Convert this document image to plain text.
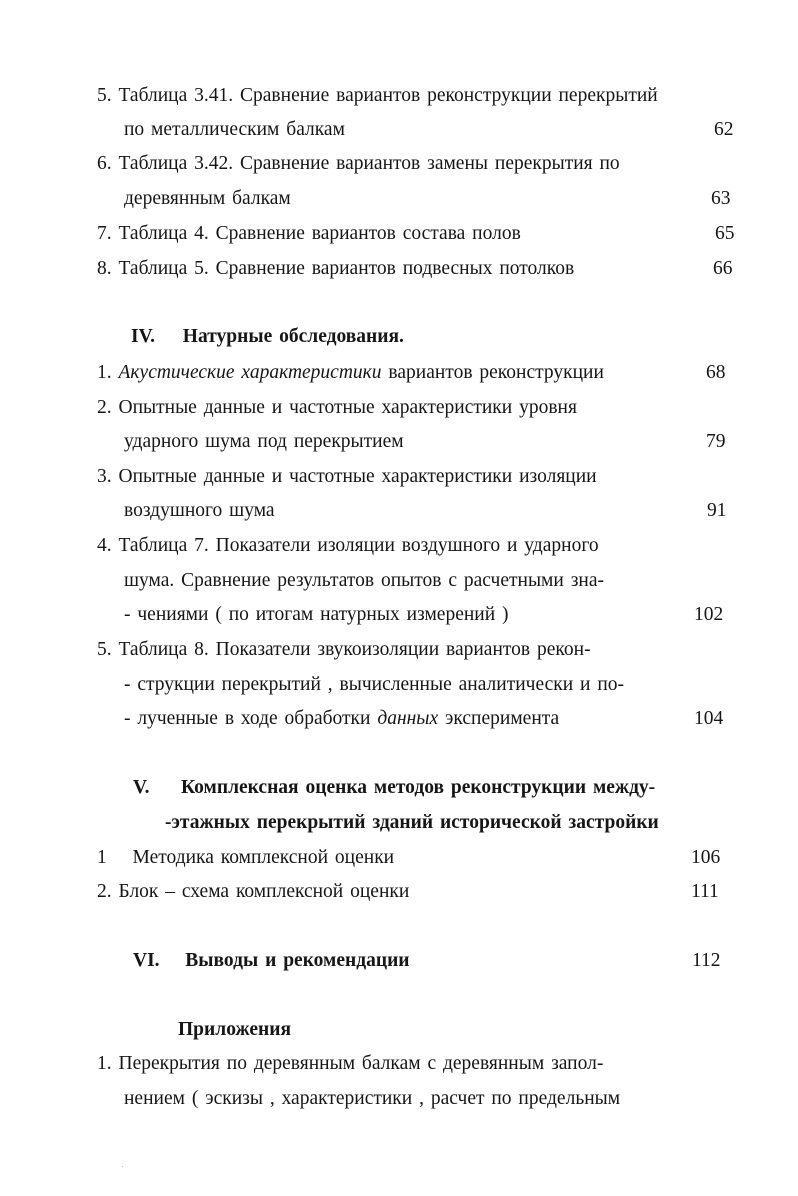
5. Таблица 3.41. Сравнение вариантов реконструкции перекрытий
по металлическим балкам	62
6. Таблица 3.42. Сравнение вариантов замены перекрытия по
деревянным балкам	63
7. Таблица 4. Сравнение вариантов состава полов	65
8. Таблица 5. Сравнение вариантов подвесных потолков	66
IV. Натурные обследования.
1. Акустические характеристики вариантов реконструкции	68
2. Опытные данные и частотные характеристики уровня
ударного шума под перекрытием	79
3. Опытные данные и частотные характеристики изоляции
воздушного шума	91
4. Таблица 7. Показатели изоляции воздушного и ударного
шума. Сравнение результатов опытов с расчетными зна-
- чениями ( по итогам натурных измерений )	102
5. Таблица 8. Показатели звукоизоляции вариантов рекон-
- струкции перекрытий , вычисленные аналитически и по-
- лученные в ходе обработки данных эксперимента	104
V. Комплексная оценка методов реконструкции между-
-этажных перекрытий зданий исторической застройки
1 Методика комплексной оценки	106
2. Блок – схема комплексной оценки	111
VI. Выводы и рекомендации	112
Приложения
1. Перекрытия по деревянным балкам с деревянным запол-
нением ( эскизы , характеристики , расчет по предельным
